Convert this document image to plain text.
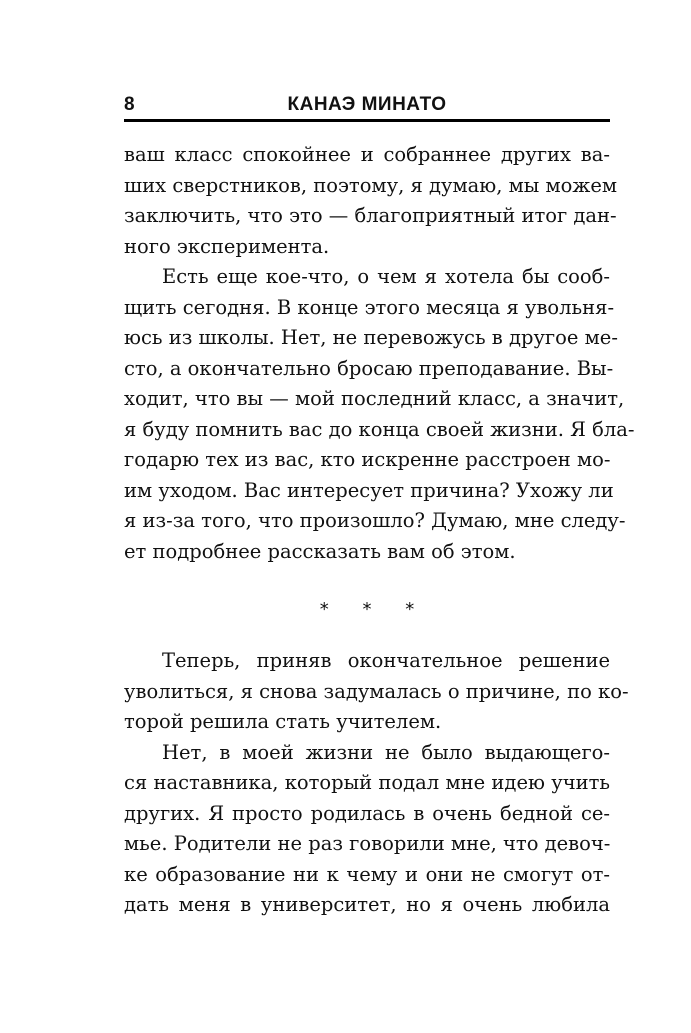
8	КАНАЭ МИНАТО
ваш класс спокойнее и собраннее других ва-
ших сверстников, поэтому, я думаю, мы можем
заключить, что это — благоприятный итог дан-
ного эксперимента.
Есть еще кое-что, о чем я хотела бы сооб-
щить сегодня. В конце этого месяца я увольня-
юсь из школы. Нет, не перевожусь в другое ме-
сто, а окончательно бросаю преподавание. Вы-
ходит, что вы — мой последний класс, а значит,
я буду помнить вас до конца своей жизни. Я бла-
годарю тех из вас, кто искренне расстроен мо-
им уходом. Вас интересует причина? Ухожу ли
я из-за того, что произошло? Думаю, мне следу-
ет подробнее рассказать вам об этом.
* * *
Теперь, приняв окончательное решение
уволиться, я снова задумалась о причине, по ко-
торой решила стать учителем.
Нет, в моей жизни не было выдающего-
ся наставника, который подал мне идею учить
других. Я просто родилась в очень бедной се-
мье. Родители не раз говорили мне, что девоч-
ке образование ни к чему и они не смогут от-
дать меня в университет, но я очень любила
